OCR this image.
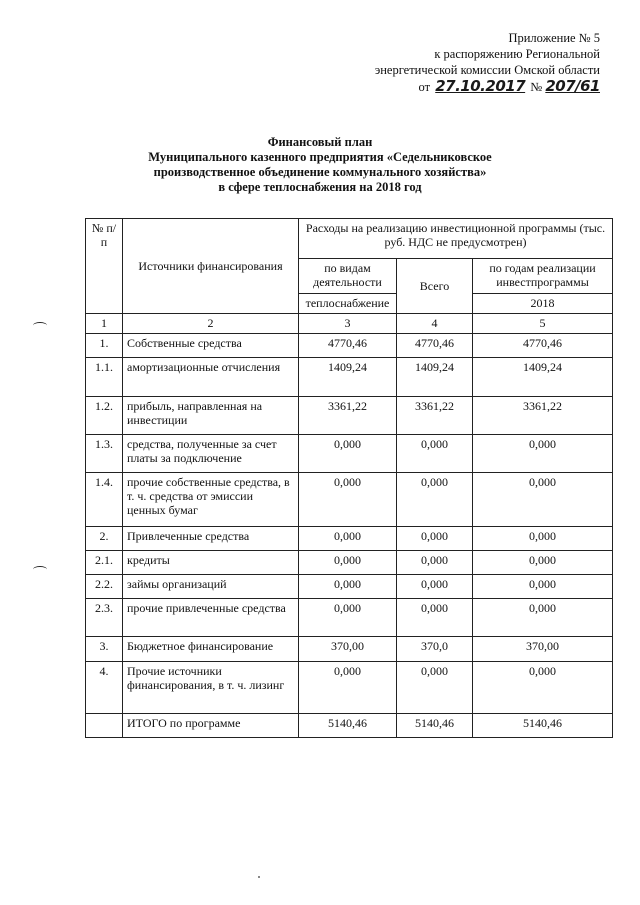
Приложение № 5
к распоряжению Региональной
энергетической комиссии Омской области
от 27.10.2017 № 207/61
Финансовый план
Муниципального казенного предприятия «Седельниковское
производственное объединение коммунального хозяйства»
в сфере теплоснабжения на 2018 год
№ п/п	Источники финансирования	Расходы на реализацию инвестиционной программы (тыс. руб. НДС не предусмотрен)		
		по видам деятельности	Всего	по годам реализации инвестпрограммы
		теплоснабжение		2018
1	2	3	4	5
1.	Собственные средства	4770,46	4770,46	4770,46
1.1.	амортизационные отчисления	1409,24	1409,24	1409,24
1.2.	прибыль, направленная на инвестиции	3361,22	3361,22	3361,22
1.3.	средства, полученные за счет платы за подключение	0,000	0,000	0,000
1.4.	прочие собственные средства, в т. ч. средства от эмиссии ценных бумаг	0,000	0,000	0,000
2.	Привлеченные средства	0,000	0,000	0,000
2.1.	кредиты	0,000	0,000	0,000
2.2.	займы организаций	0,000	0,000	0,000
2.3.	прочие привлеченные средства	0,000	0,000	0,000
3.	Бюджетное финансирование	370,00	370,0	370,00
4.	Прочие источники финансирования, в т. ч. лизинг	0,000	0,000	0,000
	ИТОГО по программе	5140,46	5140,46	5140,46
